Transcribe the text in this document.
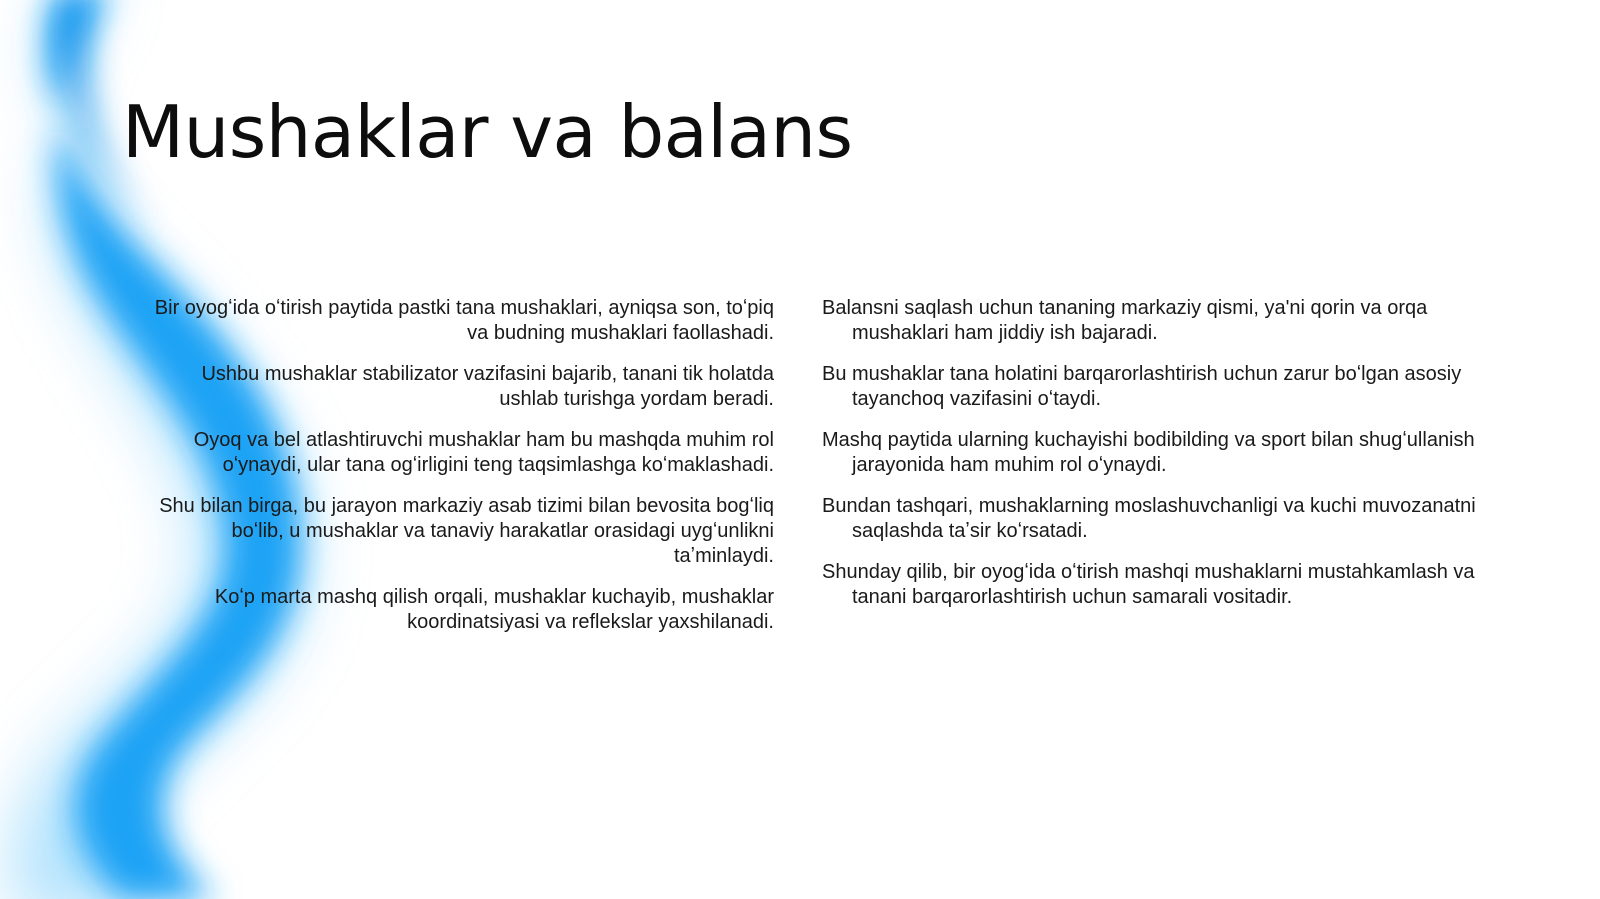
Mushaklar va balans

Bir oyogʻida oʻtirish paytida pastki tana mushaklari, ayniqsa son, toʻpiq va budning mushaklari faollashadi.

Ushbu mushaklar stabilizator vazifasini bajarib, tanani tik holatda ushlab turishga yordam beradi.

Oyoq va bel atlashtiruvchi mushaklar ham bu mashqda muhim rol oʻynaydi, ular tana ogʻirligini teng taqsimlashga koʻmaklashadi.

Shu bilan birga, bu jarayon markaziy asab tizimi bilan bevosita bogʻliq boʻlib, u mushaklar va tanaviy harakatlar orasidagi uygʻunlikni taʼminlaydi.

Koʻp marta mashq qilish orqali, mushaklar kuchayib, mushaklar koordinatsiyasi va reflekslar yaxshilanadi.

Balansni saqlash uchun tananing markaziy qismi, ya'ni qorin va orqa mushaklari ham jiddiy ish bajaradi.

Bu mushaklar tana holatini barqarorlashtirish uchun zarur boʻlgan asosiy tayanchoq vazifasini oʻtaydi.

Mashq paytida ularning kuchayishi bodibilding va sport bilan shugʻullanish jarayonida ham muhim rol oʻynaydi.

Bundan tashqari, mushaklarning moslashuvchanligi va kuchi muvozanatni saqlashda taʼsir koʻrsatadi.

Shunday qilib, bir oyogʻida oʻtirish mashqi mushaklarni mustahkamlash va tanani barqarorlashtirish uchun samarali vositadir.
